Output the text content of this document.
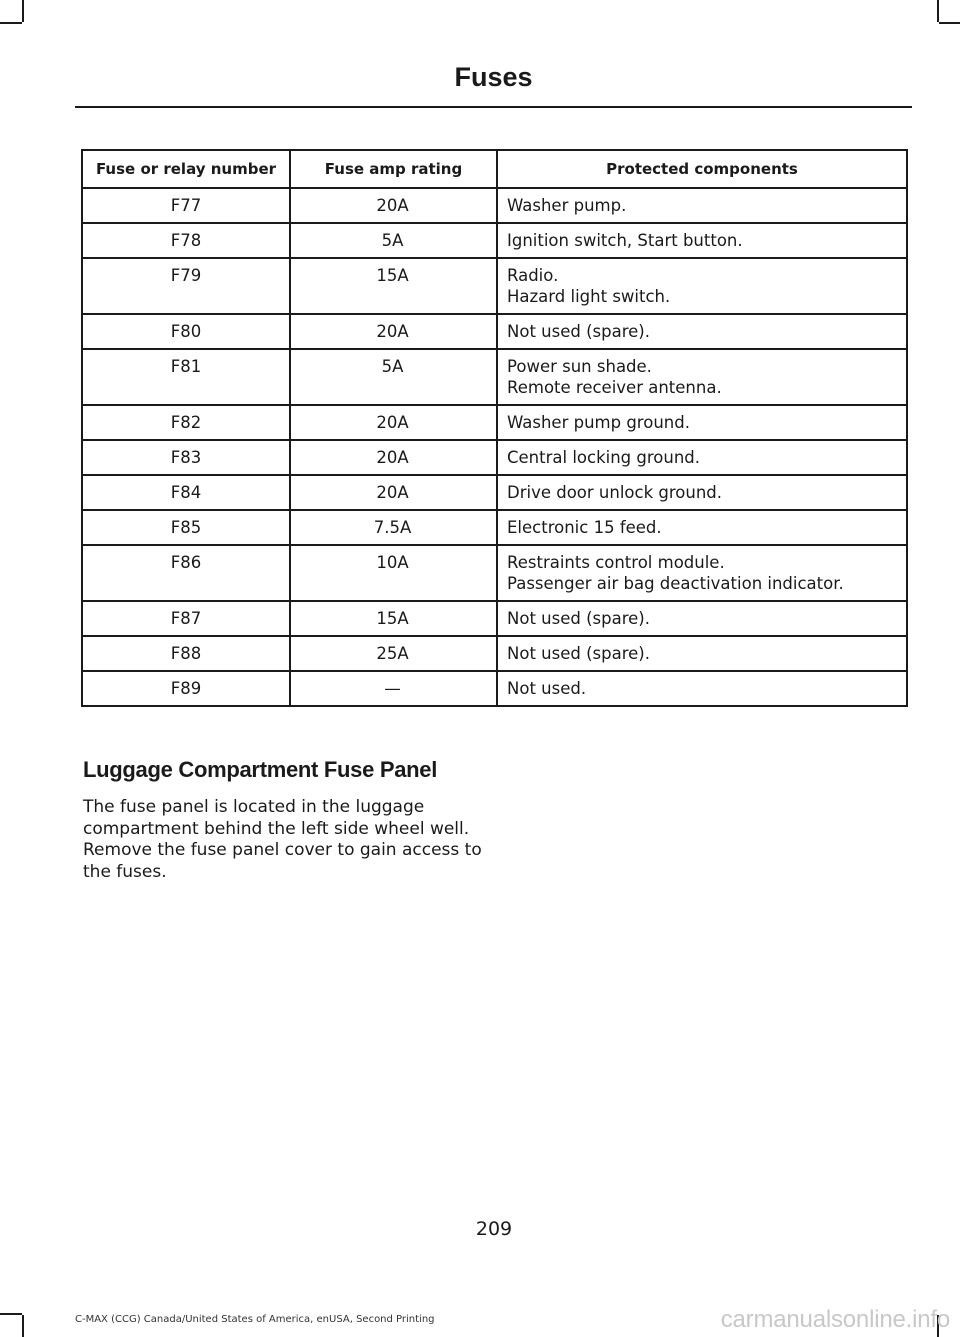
Fuses
Fuse or relay number	Fuse amp rating	Protected components
F77	20A	Washer pump.

F78	5A	Ignition switch, Start button.

F79	15A	Radio.
Hazard light switch.

F80	20A	Not used (spare).

F81	5A	Power sun shade.
Remote receiver antenna.

F82	20A	Washer pump ground.

F83	20A	Central locking ground.

F84	20A	Drive door unlock ground.

F85	7.5A	Electronic 15 feed.

F86	10A	Restraints control module.
Passenger air bag deactivation indicator.

F87	15A	Not used (spare).

F88	25A	Not used (spare).

F89	—	Not used.
Luggage Compartment Fuse Panel
The fuse panel is located in the luggage compartment behind the left side wheel well. Remove the fuse panel cover to gain access to the fuses.
209
C-MAX (CCG) Canada/United States of America, enUSA, Second Printing	carmanualsonline.info
